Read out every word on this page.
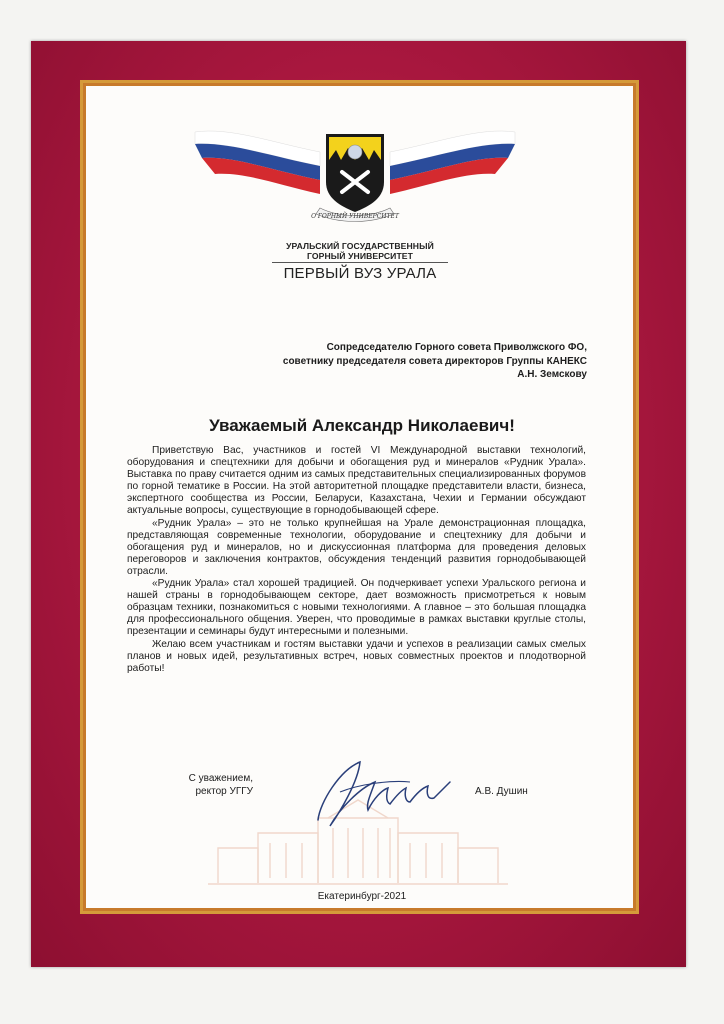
О ГОРНЫЙ УНИВЕРСИТЕТ
УРАЛЬСКИЙ ГОСУДАРСТВЕННЫЙ
ГОРНЫЙ УНИВЕРСИТЕТ
ПЕРВЫЙ ВУЗ УРАЛА
Сопредседателю Горного совета Приволжского ФО,
советнику председателя совета директоров Группы КАНЕКС
А.Н. Земскову
Уважаемый Александр Николаевич!

Приветствую Вас, участников и гостей VI Международной выставки технологий, оборудования и спецтехники для добычи и обогащения руд и минералов «Рудник Урала». Выставка по праву считается одним из самых представительных специализированных форумов по горной тематике в России. На этой авторитетной площадке представители власти, бизнеса, экспертного сообщества из России, Беларуси, Казахстана, Чехии и Германии обсуждают актуальные вопросы, существующие в горнодобывающей сфере.

«Рудник Урала» – это не только крупнейшая на Урале демонстрационная площадка, представляющая современные технологии, оборудование и спецтехнику для добычи и обогащения руд и минералов, но и дискуссионная платформа для проведения деловых переговоров и заключения контрактов, обсуждения тенденций развития горнодобывающей отрасли.

«Рудник Урала» стал хорошей традицией. Он подчеркивает успехи Уральского региона и нашей страны в горнодобывающем секторе, дает возможность присмотреться к новым образцам техники, познакомиться с новыми технологиями. А главное – это большая площадка для профессионального общения. Уверен, что проводимые в рамках выставки круглые столы, презентации и семинары будут интересными и полезными.

Желаю всем участникам и гостям выставки удачи и успехов в реализации самых смелых планов и новых идей, результативных встреч, новых совместных проектов и плодотворной работы!

С уважением,
ректор УГГУ	А.В. Душин
Екатеринбург-2021
